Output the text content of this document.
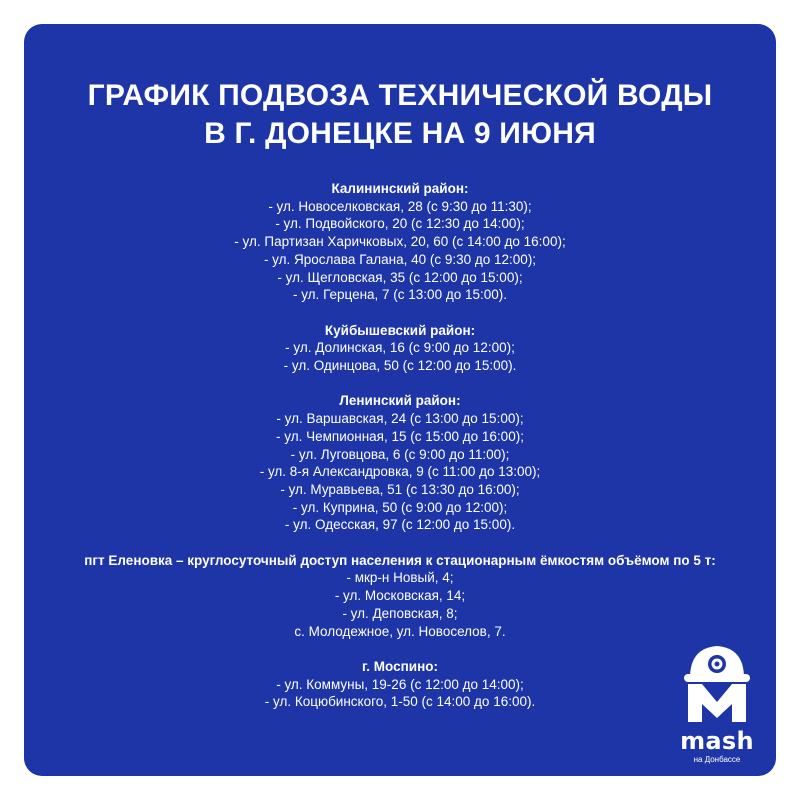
ГРАФИК ПОДВОЗА ТЕХНИЧЕСКОЙ ВОДЫ
В Г. ДОНЕЦКЕ НА 9 ИЮНЯ
Калининский район:
- ул. Новоселковская, 28 (с 9:30 до 11:30);
- ул. Подвойского, 20 (с 12:30 до 14:00);
- ул. Партизан Харичковых, 20, 60 (с 14:00 до 16:00);
- ул. Ярослава Галана, 40 (с 9:30 до 12:00);
- ул. Щегловская, 35 (с 12:00 до 15:00);
- ул. Герцена, 7 (с 13:00 до 15:00).
Куйбышевский район:
- ул. Долинская, 16 (с 9:00 до 12:00);
- ул. Одинцова, 50 (с 12:00 до 15:00).
Ленинский район:
- ул. Варшавская, 24 (с 13:00 до 15:00);
- ул. Чемпионная, 15 (с 15:00 до 16:00);
- ул. Луговцова, 6 (с 9:00 до 11:00);
- ул. 8-я Александровка, 9 (с 11:00 до 13:00);
- ул. Муравьева, 51 (с 13:30 до 16:00);
- ул. Куприна, 50 (с 9:00 до 12:00);
- ул. Одесская, 97 (с 12:00 до 15:00).
пгт Еленовка – круглосуточный доступ населения к стационарным ёмкостям объёмом по 5 т:
- мкр-н Новый, 4;
- ул. Московская, 14;
- ул. Деповская, 8;
с. Молодежное, ул. Новоселов, 7.
г. Моспино:
- ул. Коммуны, 19-26 (с 12:00 до 14:00);
- ул. Коцюбинского, 1-50 (с 14:00 до 16:00).
mash
на Донбассе
